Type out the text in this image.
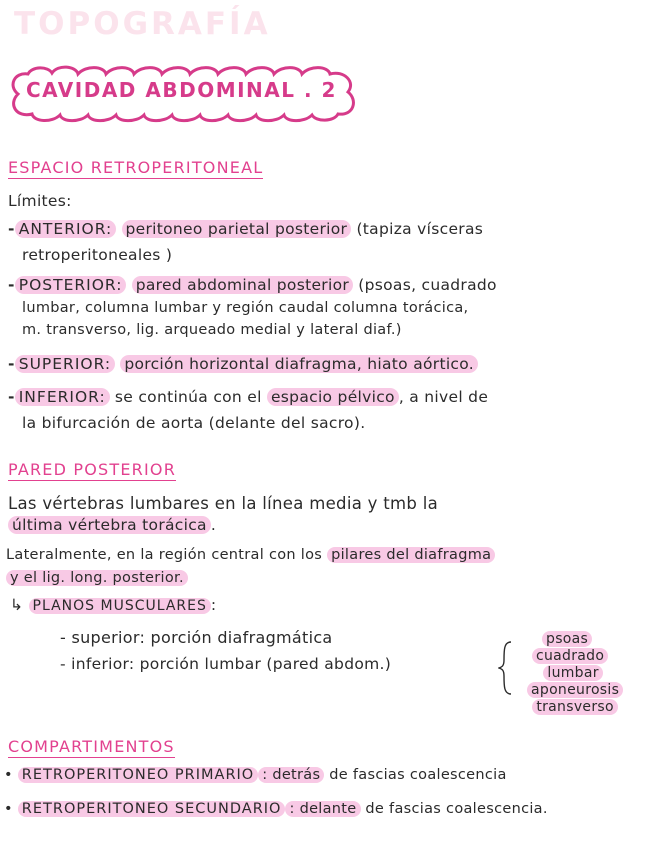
TOPOGRAFÍA
CAVIDAD ABDOMINAL . 2
ESPACIO RETROPERITONEAL
Límites:
- ANTERIOR: peritoneo parietal posterior (tapiza vísceras
retroperitoneales )
- POSTERIOR: pared abdominal posterior (psoas, cuadrado
lumbar, columna lumbar y región caudal columna torácica,
m. transverso, lig. arqueado medial y lateral diaf.)
- SUPERIOR: porción horizontal diafragma, hiato aórtico.
- INFERIOR: se continúa con el espacio pélvico , a nivel de
la bifurcación de aorta (delante del sacro).
PARED POSTERIOR
Las vértebras lumbares en la línea media y tmb la
última vértebra torácica .
Lateralmente, en la región central con los pilares del diafragma
y el lig. long. posterior.
↳ PLANOS MUSCULARES :
- superior: porción diafragmática
- inferior: porción lumbar (pared abdom.)
psoas
cuadrado
lumbar
aponeurosis
transverso
COMPARTIMENTOS
• RETROPERITONEO PRIMARIO : detrás de fascias coalescencia
• RETROPERITONEO SECUNDARIO : delante de fascias coalescencia.
